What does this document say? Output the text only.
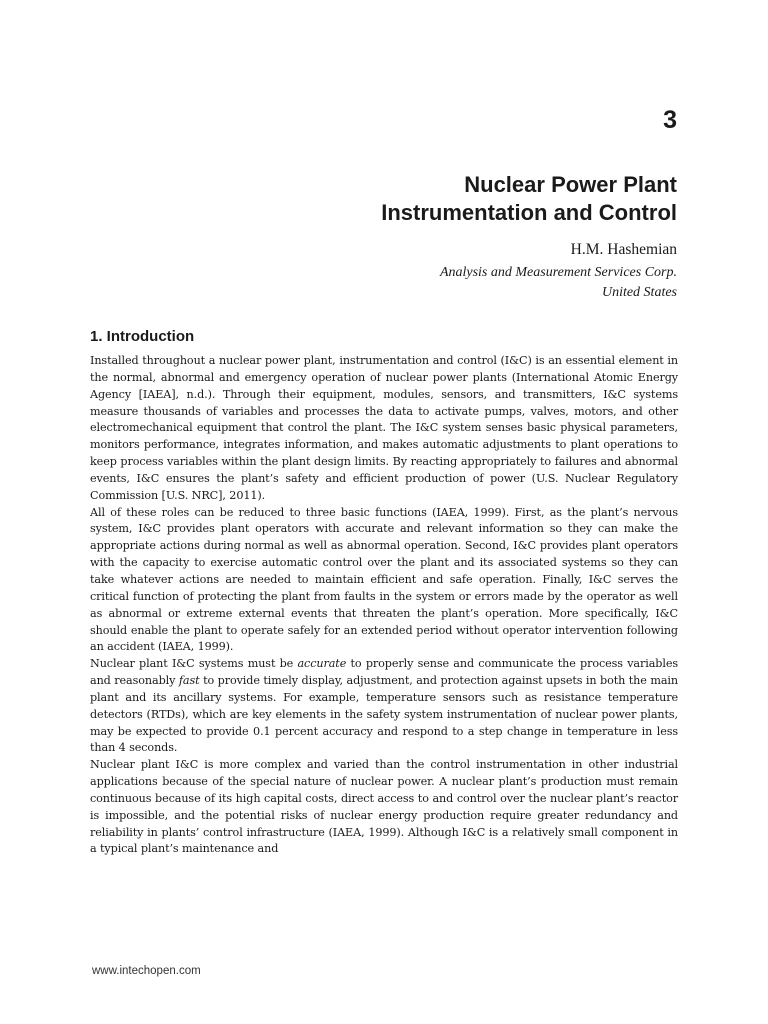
3
Nuclear Power Plant
Instrumentation and Control
H.M. Hashemian
Analysis and Measurement Services Corp.
United States
1. Introduction

Installed throughout a nuclear power plant, instrumentation and control (I&C) is an essential element in the normal, abnormal and emergency operation of nuclear power plants (International Atomic Energy Agency [IAEA], n.d.). Through their equipment, modules, sensors, and transmitters, I&C systems measure thousands of variables and processes the data to activate pumps, valves, motors, and other electromechanical equipment that control the plant. The I&C system senses basic physical parameters, monitors performance, integrates information, and makes automatic adjustments to plant operations to keep process variables within the plant design limits. By reacting appropriately to failures and abnormal events, I&C ensures the plant’s safety and efficient production of power (U.S. Nuclear Regulatory Commission [U.S. NRC], 2011).

All of these roles can be reduced to three basic functions (IAEA, 1999). First, as the plant’s nervous system, I&C provides plant operators with accurate and relevant information so they can make the appropriate actions during normal as well as abnormal operation. Second, I&C provides plant operators with the capacity to exercise automatic control over the plant and its associated systems so they can take whatever actions are needed to maintain efficient and safe operation. Finally, I&C serves the critical function of protecting the plant from faults in the system or errors made by the operator as well as abnormal or extreme external events that threaten the plant’s operation. More specifically, I&C should enable the plant to operate safely for an extended period without operator intervention following an accident (IAEA, 1999).

Nuclear plant I&C systems must be accurate to properly sense and communicate the process variables and reasonably fast to provide timely display, adjustment, and protection against upsets in both the main plant and its ancillary systems. For example, temperature sensors such as resistance temperature detectors (RTDs), which are key elements in the safety system instrumentation of nuclear power plants, may be expected to provide 0.1 percent accuracy and respond to a step change in temperature in less than 4 seconds.

Nuclear plant I&C is more complex and varied than the control instrumentation in other industrial applications because of the special nature of nuclear power. A nuclear plant’s production must remain continuous because of its high capital costs, direct access to and control over the nuclear plant’s reactor is impossible, and the potential risks of nuclear energy production require greater redundancy and reliability in plants’ control infrastructure (IAEA, 1999). Although I&C is a relatively small component in a typical plant’s maintenance and

www.intechopen.com
